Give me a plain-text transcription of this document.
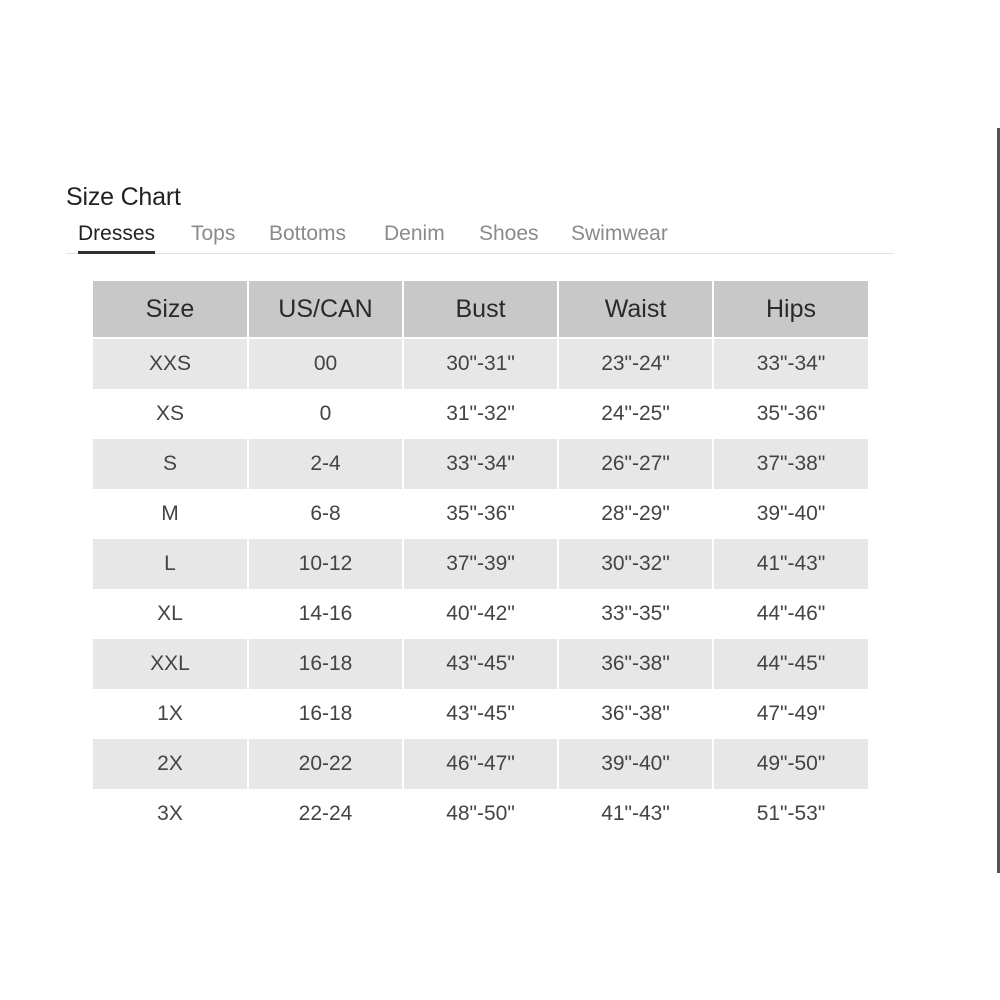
Size Chart
Dresses Tops Bottoms Denim Shoes Swimwear
Size	US/CAN	Bust	Waist	Hips
XXS	00	30"-31"	23"-24"	33"-34"
XS	0	31"-32"	24"-25"	35"-36"
S	2-4	33"-34"	26"-27"	37"-38"
M	6-8	35"-36"	28"-29"	39"-40"
L	10-12	37"-39"	30"-32"	41"-43"
XL	14-16	40"-42"	33"-35"	44"-46"
XXL	16-18	43"-45"	36"-38"	44"-45"
1X	16-18	43"-45"	36"-38"	47"-49"
2X	20-22	46"-47"	39"-40"	49"-50"
3X	22-24	48"-50"	41"-43"	51"-53"
